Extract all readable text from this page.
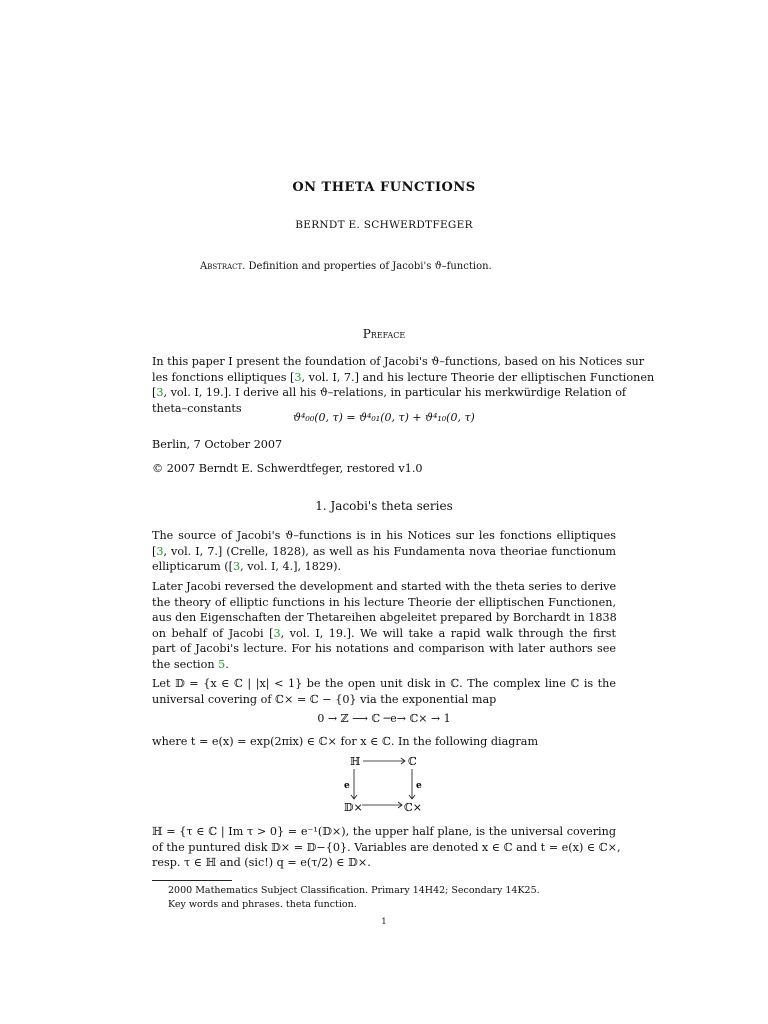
ON THETA FUNCTIONS
BERNDT E. SCHWERDTFEGER
Abstract. Definition and properties of Jacobi's ϑ–function.
Preface
In this paper I present the foundation of Jacobi's ϑ–functions, based on his Notices sur
les fonctions elliptiques [3, vol. I, 7.] and his lecture Theorie der elliptischen Functionen
[3, vol. I, 19.]. I derive all his ϑ–relations, in particular his merkwürdige Relation of
theta–constants
ϑ⁴₀₀(0, τ) = ϑ⁴₀₁(0, τ) + ϑ⁴₁₀(0, τ)
Berlin, 7 October 2007
© 2007 Berndt E. Schwerdtfeger, restored v1.0
1. Jacobi's theta series
The source of Jacobi's ϑ–functions is in his Notices sur les fonctions elliptiques
[3, vol. I, 7.] (Crelle, 1828), as well as his Fundamenta nova theoriae functionum
ellipticarum ([3, vol. I, 4.], 1829).
Later Jacobi reversed the development and started with the theta series to derive
the theory of elliptic functions in his lecture Theorie der elliptischen Functionen,
aus den Eigenschaften der Thetareihen abgeleitet prepared by Borchardt in 1838
on behalf of Jacobi [3, vol. I, 19.]. We will take a rapid walk through the first
part of Jacobi's lecture. For his notations and comparison with later authors see
the section 5.
Let 𝔻 = {x ∈ ℂ | |x| < 1} be the open unit disk in ℂ. The complex line ℂ is the
universal covering of ℂ× = ℂ − {0} via the exponential map
0 → ℤ ⟶ ℂ ─e→ ℂ× → 1
where t = e(x) = exp(2πix) ∈ ℂ× for x ∈ ℂ. In the following diagram
ℍ	ℂ
𝔻×	ℂ×
e	e
ℍ = {τ ∈ ℂ | Im τ > 0} = e⁻¹(𝔻×), the upper half plane, is the universal covering
of the puntured disk 𝔻× = 𝔻−{0}. Variables are denoted x ∈ ℂ and t = e(x) ∈ ℂ×,
resp. τ ∈ ℍ and (sic!) q = e(τ/2) ∈ 𝔻×.
2000 Mathematics Subject Classification. Primary 14H42; Secondary 14K25.
Key words and phrases. theta function.
1
